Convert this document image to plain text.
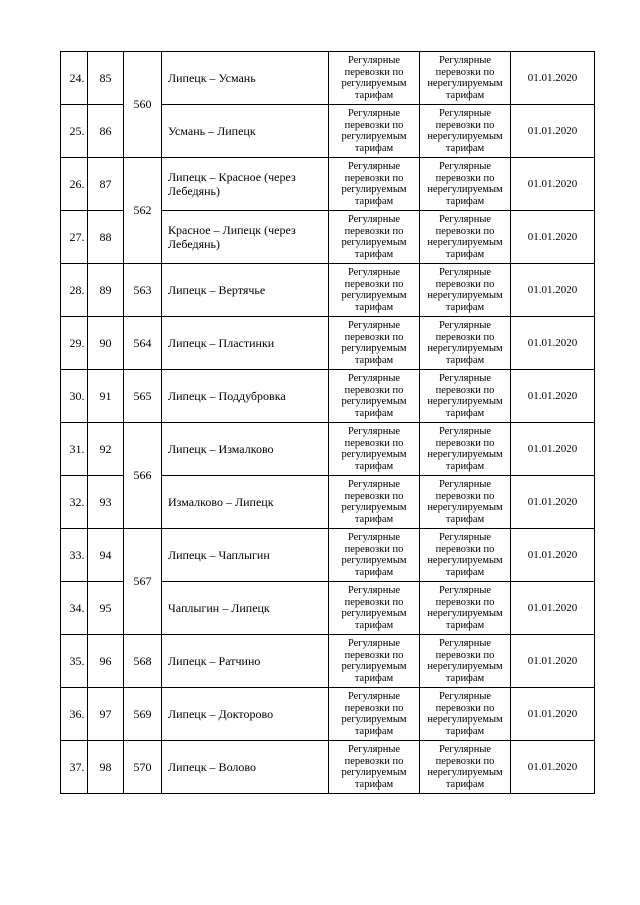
24.	85	560	Липецк – Усмань	Регулярные
перевозки по
регулируемым
тарифам	Регулярные
перевозки по
нерегулируемым
тарифам	01.01.2020
25.	86		Усмань – Липецк	Регулярные
перевозки по
регулируемым
тарифам	Регулярные
перевозки по
нерегулируемым
тарифам	01.01.2020
26.	87	562	Липецк – Красное (через Лебедянь)	Регулярные
перевозки по
регулируемым
тарифам	Регулярные
перевозки по
нерегулируемым
тарифам	01.01.2020
27.	88		Красное – Липецк (через Лебедянь)	Регулярные
перевозки по
регулируемым
тарифам	Регулярные
перевозки по
нерегулируемым
тарифам	01.01.2020
28.	89	563	Липецк – Вертячье	Регулярные
перевозки по
регулируемым
тарифам	Регулярные
перевозки по
нерегулируемым
тарифам	01.01.2020
29.	90	564	Липецк – Пластинки	Регулярные
перевозки по
регулируемым
тарифам	Регулярные
перевозки по
нерегулируемым
тарифам	01.01.2020
30.	91	565	Липецк – Поддубровка	Регулярные
перевозки по
регулируемым
тарифам	Регулярные
перевозки по
нерегулируемым
тарифам	01.01.2020
31.	92	566	Липецк – Измалково	Регулярные
перевозки по
регулируемым
тарифам	Регулярные
перевозки по
нерегулируемым
тарифам	01.01.2020
32.	93		Измалково – Липецк	Регулярные
перевозки по
регулируемым
тарифам	Регулярные
перевозки по
нерегулируемым
тарифам	01.01.2020
33.	94	567	Липецк – Чаплыгин	Регулярные
перевозки по
регулируемым
тарифам	Регулярные
перевозки по
нерегулируемым
тарифам	01.01.2020
34.	95		Чаплыгин – Липецк	Регулярные
перевозки по
регулируемым
тарифам	Регулярные
перевозки по
нерегулируемым
тарифам	01.01.2020
35.	96	568	Липецк – Ратчино	Регулярные
перевозки по
регулируемым
тарифам	Регулярные
перевозки по
нерегулируемым
тарифам	01.01.2020
36.	97	569	Липецк – Докторово	Регулярные
перевозки по
регулируемым
тарифам	Регулярные
перевозки по
нерегулируемым
тарифам	01.01.2020
37.	98	570	Липецк – Волово	Регулярные
перевозки по
регулируемым
тарифам	Регулярные
перевозки по
нерегулируемым
тарифам	01.01.2020
